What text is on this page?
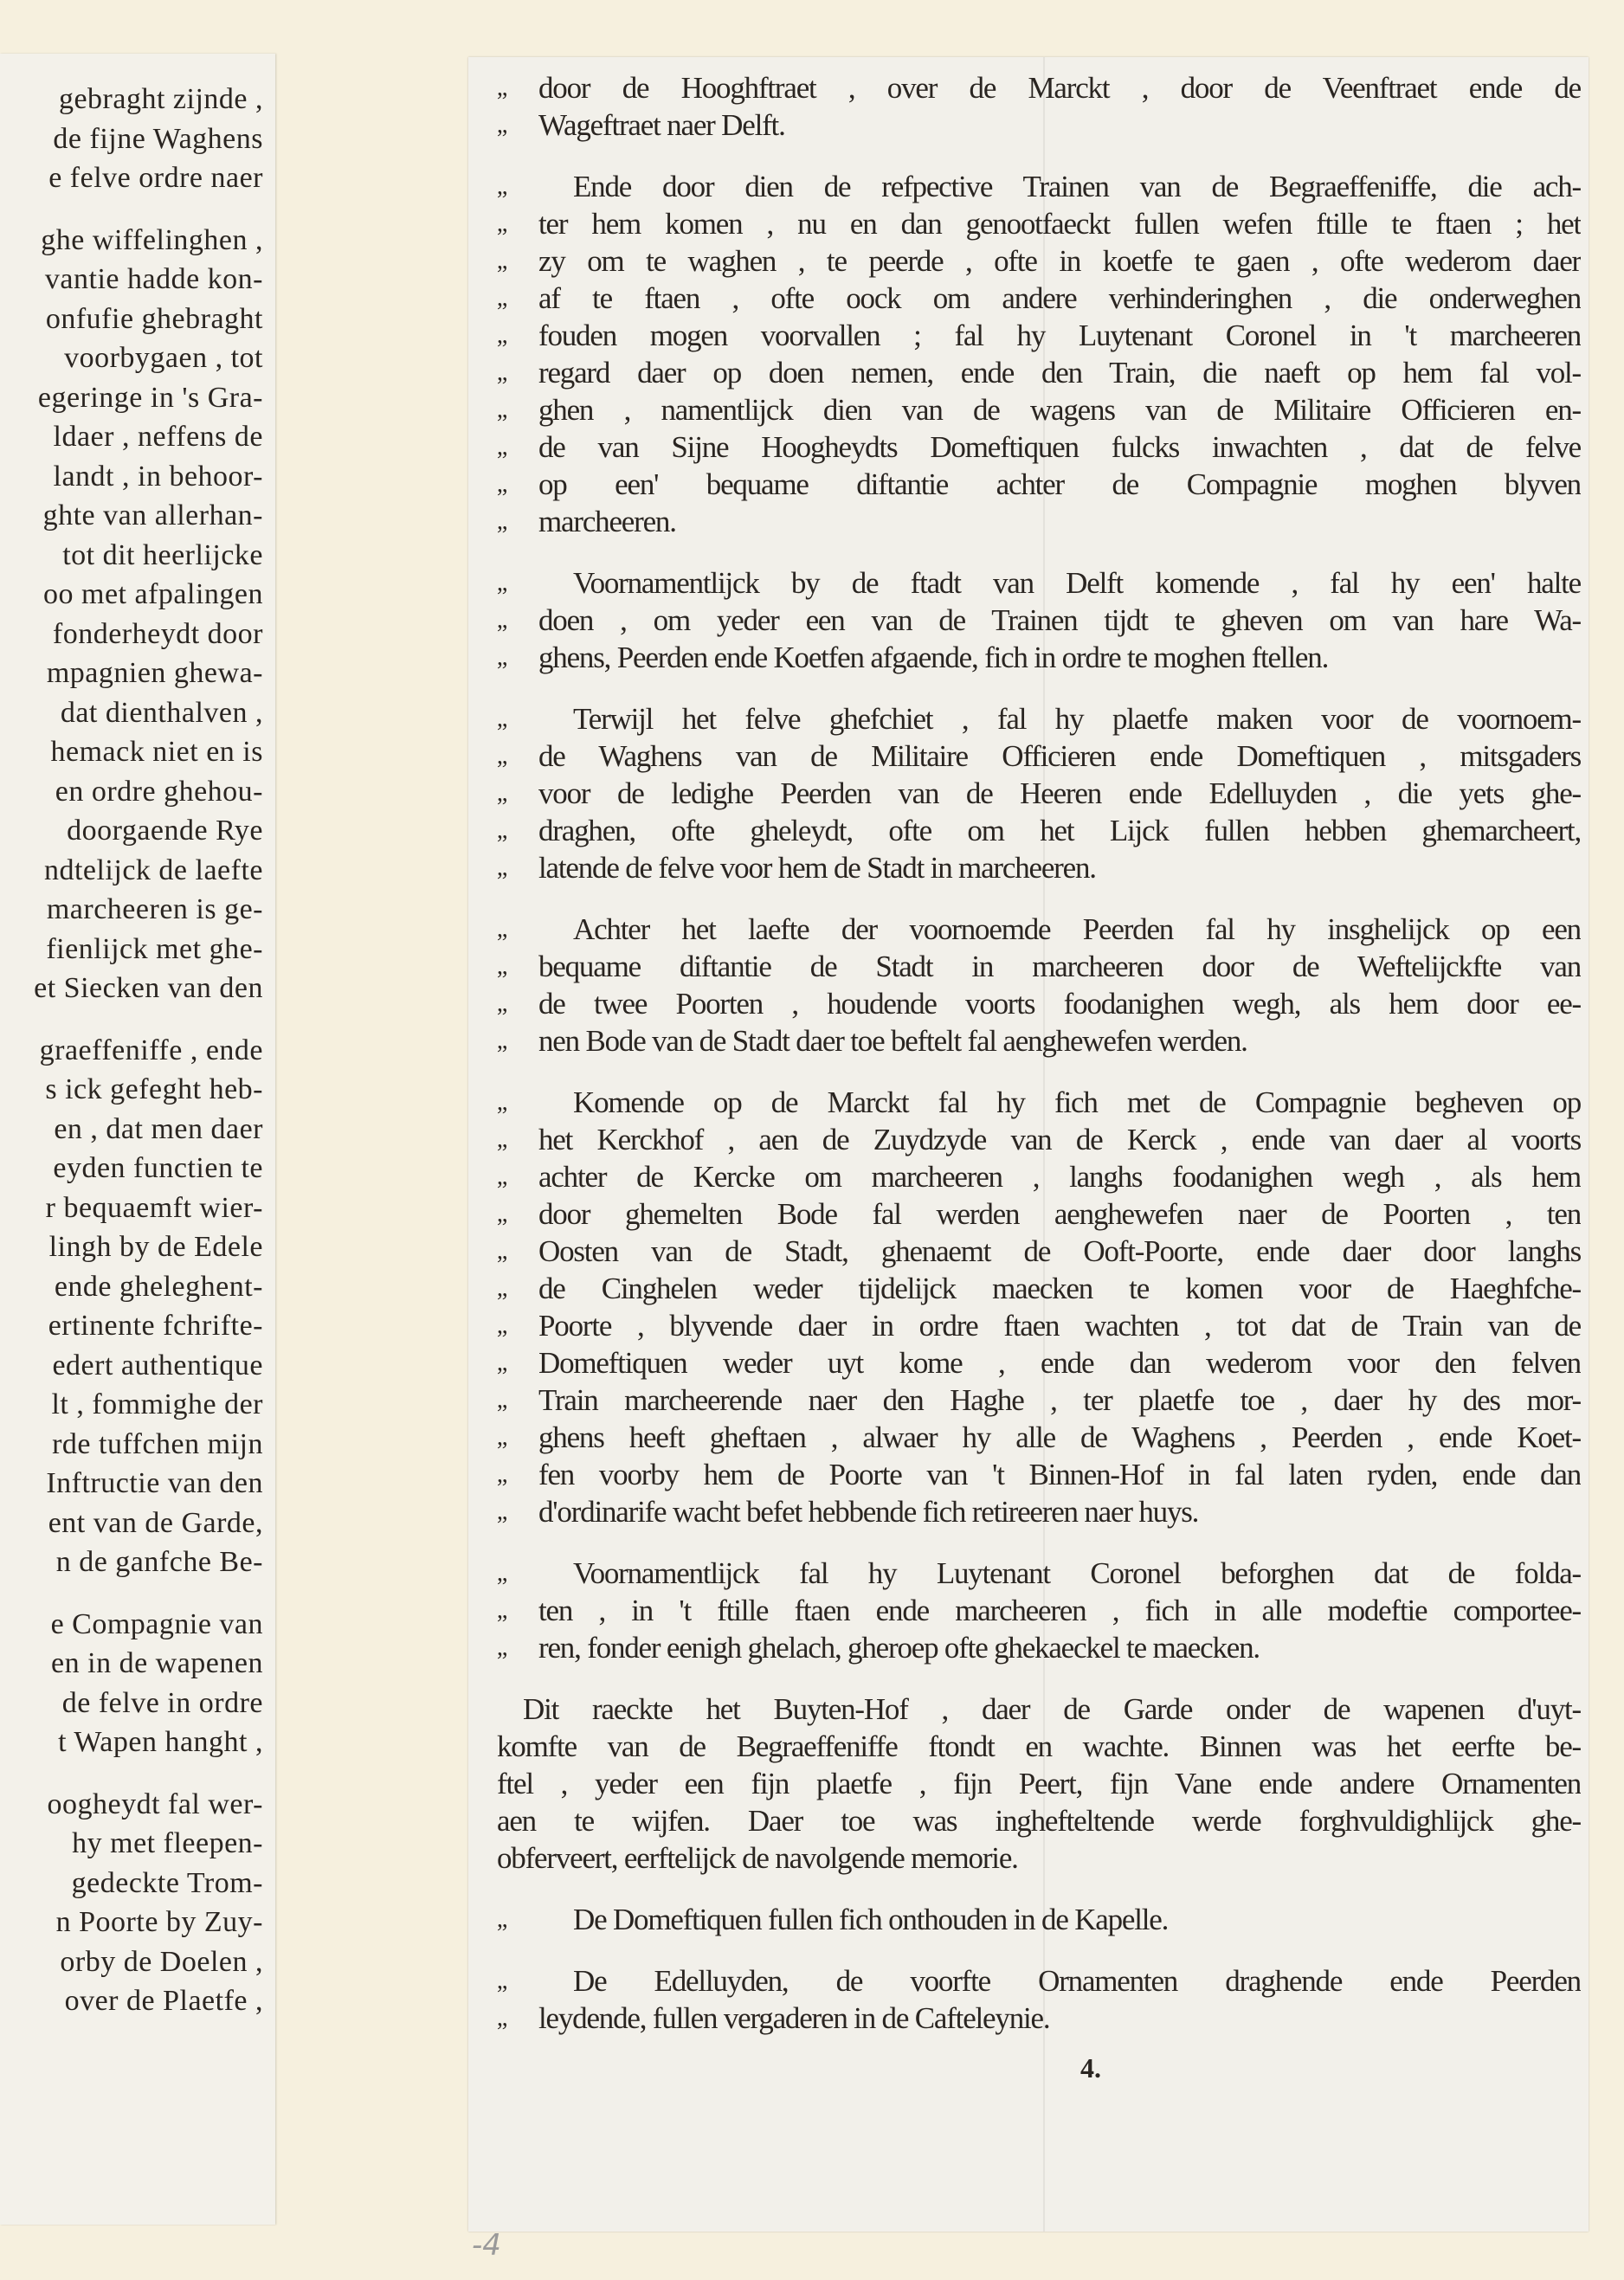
gebraght zijnde ,
de fijne Waghens
e felve ordre naer
ghe wiffelinghen ,
vantie hadde kon-
onfufie ghebraght
voorbygaen , tot
egeringe in 's Gra-
ldaer , neffens de
landt , in behoor-
ghte van allerhan-
tot dit heerlijcke
oo met afpalingen
fonderheydt door
mpagnien ghewa-
dat dienthalven ,
hemack niet en is
en ordre ghehou-
doorgaende Rye
ndtelijck de laefte
marcheeren is ge-
fienlijck met ghe-
et Siecken van den
graeffeniffe , ende
s ick gefeght heb-
en , dat men daer
eyden functien te
r bequaemft wier-
lingh by de Edele
ende gheleghent-
ertinente fchrifte-
edert authentique
lt , fommighe der
rde tuffchen mijn
Inftructie van den
ent van de Garde,
n de ganfche Be-
e Compagnie van
en in de wapenen
de felve in ordre
t Wapen hanght ,
oogheydt fal wer-
hy met fleepen-
gedeckte Trom-
n Poorte by Zuy-
orby de Doelen ,
over de Plaetfe ,
,,	door de Hooghftraet , over de Marckt , door de Veenftraet ende de
,,	Wageftraet naer Delft.
,,	Ende door dien de refpective Trainen van de Begraeffeniffe, die ach-
,,	ter hem komen , nu en dan genootfaeckt fullen wefen ftille te ftaen ; het
,,	zy om te waghen , te peerde , ofte in koetfe te gaen , ofte wederom daer
,,	af te ftaen , ofte oock om andere verhinderinghen , die onderweghen
,,	fouden mogen voorvallen ; fal hy Luytenant Coronel in 't marcheeren
,,	regard daer op doen nemen, ende den Train, die naeft op hem fal vol-
,,	ghen , namentlijck dien van de wagens van de Militaire Officieren en-
,,	de van Sijne Hoogheydts Domeftiquen fulcks inwachten , dat de felve
,,	op een' bequame diftantie achter de Compagnie moghen blyven
,,	marcheeren.
,,	Voornamentlijck by de ftadt van Delft komende , fal hy een' halte
,,	doen , om yeder een van de Trainen tijdt te gheven om van hare Wa-
,,	ghens, Peerden ende Koetfen afgaende, fich in ordre te moghen ftellen.
,,	Terwijl het felve ghefchiet , fal hy plaetfe maken voor de voornoem-
,,	de Waghens van de Militaire Officieren ende Domeftiquen , mitsgaders
,,	voor de ledighe Peerden van de Heeren ende Edelluyden , die yets ghe-
,,	draghen, ofte gheleydt, ofte om het Lijck fullen hebben ghemarcheert,
,,	latende de felve voor hem de Stadt in marcheeren.
,,	Achter het laefte der voornoemde Peerden fal hy insghelijck op een
,,	bequame diftantie de Stadt in marcheeren door de Weftelijckfte van
,,	de twee Poorten , houdende voorts foodanighen wegh, als hem door ee-
,,	nen Bode van de Stadt daer toe beftelt fal aenghewefen werden.
,,	Komende op de Marckt fal hy fich met de Compagnie begheven op
,,	het Kerckhof , aen de Zuydzyde van de Kerck , ende van daer al voorts
,,	achter de Kercke om marcheeren , langhs foodanighen wegh , als hem
,,	door ghemelten Bode fal werden aenghewefen naer de Poorten , ten
,,	Oosten van de Stadt, ghenaemt de Ooft-Poorte, ende daer door langhs
,,	de Cinghelen weder tijdelijck maecken te komen voor de Haeghfche-
,,	Poorte , blyvende daer in ordre ftaen wachten , tot dat de Train van de
,,	Domeftiquen weder uyt kome , ende dan wederom voor den felven
,,	Train marcheerende naer den Haghe , ter plaetfe toe , daer hy des mor-
,,	ghens heeft gheftaen , alwaer hy alle de Waghens , Peerden , ende Koet-
,,	fen voorby hem de Poorte van 't Binnen-Hof in fal laten ryden, ende dan
,,	d'ordinarife wacht befet hebbende fich retireeren naer huys.
,,	Voornamentlijck fal hy Luytenant Coronel beforghen dat de folda-
,,	ten , in 't ftille ftaen ende marcheeren , fich in alle modeftie comportee-
,,	ren, fonder eenigh ghelach, gheroep ofte ghekaeckel te maecken.
Dit raeckte het Buyten-Hof , daer de Garde onder de wapenen d'uyt-
komfte van de Begraeffeniffe ftondt en wachte. Binnen was het eerfte be-
ftel , yeder een fijn plaetfe , fijn Peert, fijn Vane ende andere Ornamenten
aen te wijfen. Daer toe was inghefteltende werde forghvuldighlijck ghe-
obferveert, eerftelijck de navolgende memorie.
,,	De Domeftiquen fullen fich onthouden in de Kapelle.
,,	De Edelluyden, de voorfte Ornamenten draghende ende Peerden
,,	leydende, fullen vergaderen in de Cafteleynie.
4.
-4
